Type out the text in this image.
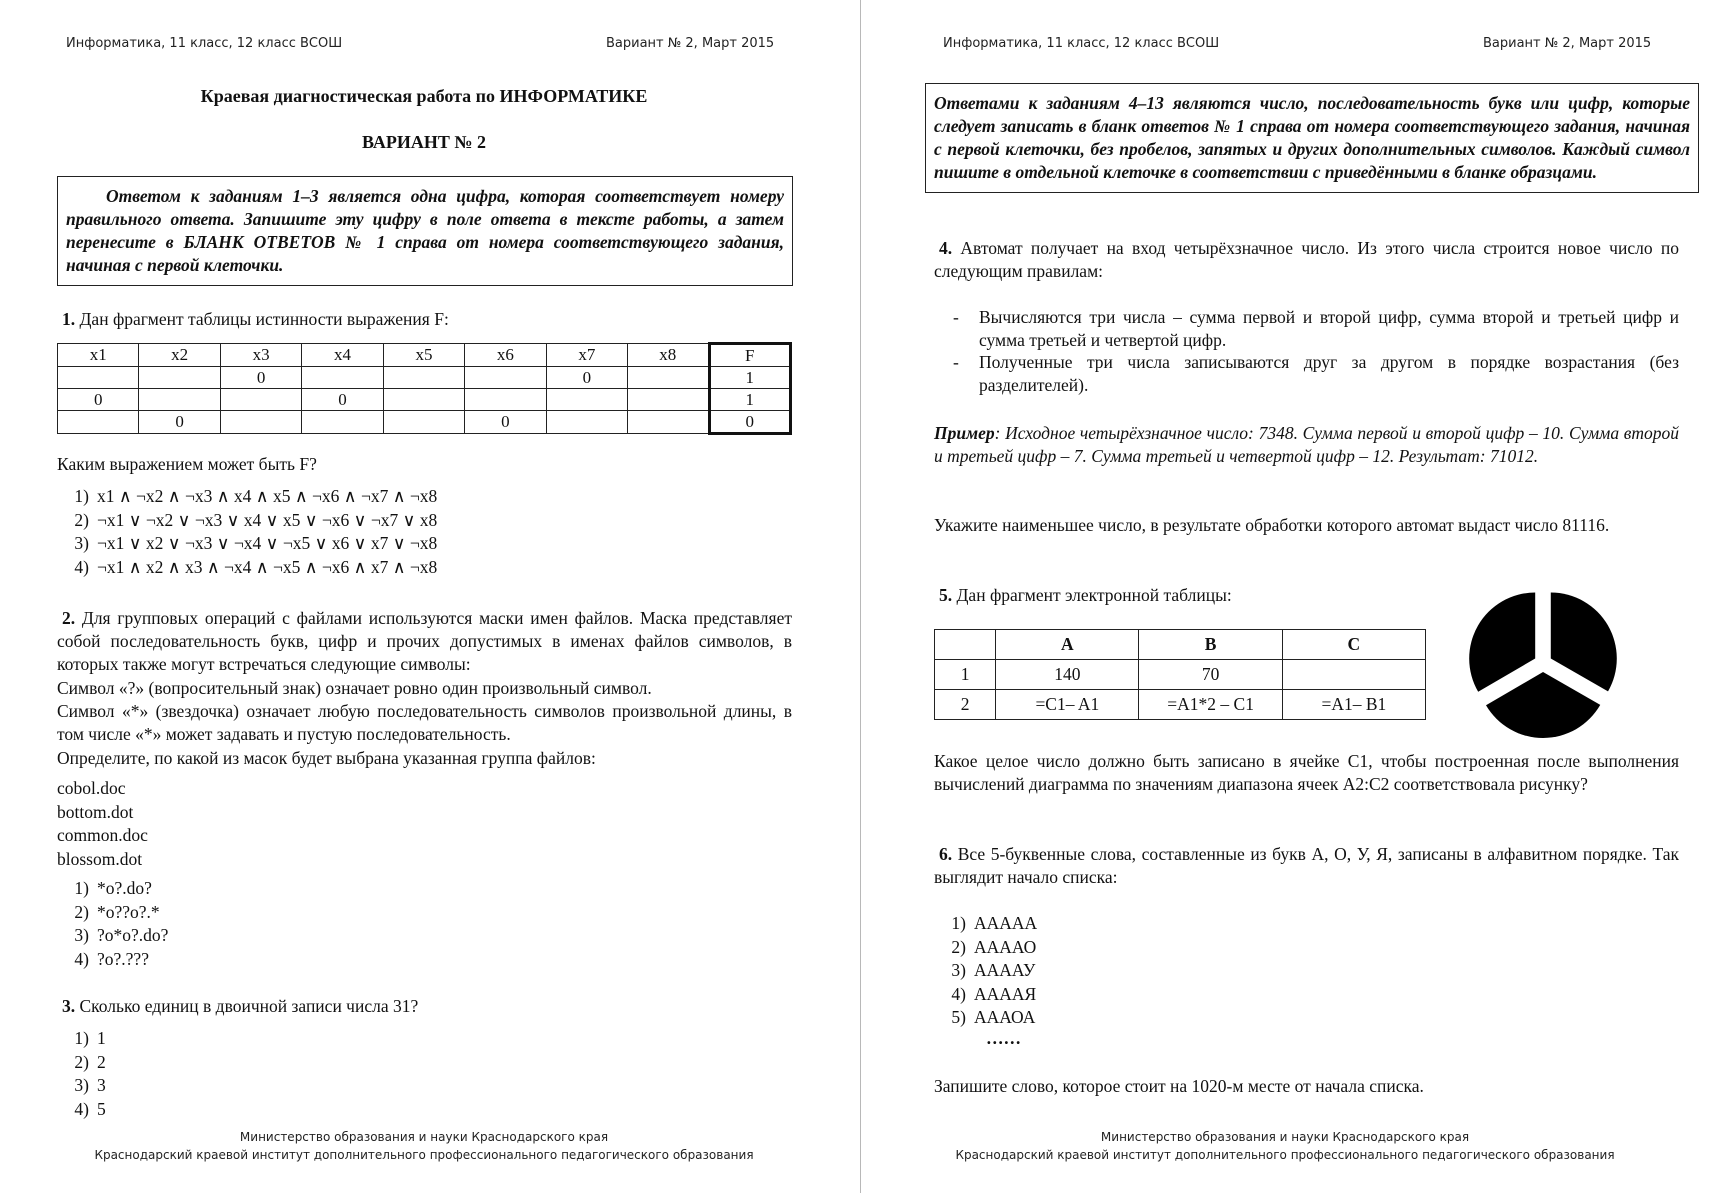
Информатика, 11 класс, 12 класс ВСОШ	Вариант № 2, Март 2015
Краевая диагностическая работа по ИНФОРМАТИКЕ
ВАРИАНТ № 2
Ответом к заданиям 1–3 является одна цифра, которая соответствует номеру правильного ответа. Запишите эту цифру в поле ответа в тексте работы, а затем перенесите в БЛАНК ОТВЕТОВ № 1 справа от номера соответствующего задания, начиная с первой клеточки.
1. Дан фрагмент таблицы истинности выражения F:
x1	x2	x3	x4	x5	x6	x7	x8	F
		0				0		1
0			0					1
	0				0			0
Каким выражением может быть F?
1) x1 ∧ ¬x2 ∧ ¬x3 ∧ x4 ∧ x5 ∧ ¬x6 ∧ ¬x7 ∧ ¬x8
2) ¬x1 ∨ ¬x2 ∨ ¬x3 ∨ x4 ∨ x5 ∨ ¬x6 ∨ ¬x7 ∨ x8
3) ¬x1 ∨ x2 ∨ ¬x3 ∨ ¬x4 ∨ ¬x5 ∨ x6 ∨ x7 ∨ ¬x8
4) ¬x1 ∧ x2 ∧ x3 ∧ ¬x4 ∧ ¬x5 ∧ ¬x6 ∧ x7 ∧ ¬x8
2. Для групповых операций с файлами используются маски имен файлов. Маска представляет собой последовательность букв, цифр и прочих допустимых в именах файлов символов, в которых также могут встречаться следующие символы:
Символ «?» (вопросительный знак) означает ровно один произвольный символ.
Символ «*» (звездочка) означает любую последовательность символов произвольной длины, в том числе «*» может задавать и пустую последовательность.
Определите, по какой из масок будет выбрана указанная группа файлов:
cobol.doc
bottom.dot
common.doc
blossom.dot
1) *o?.do?
2) *o??o?.*
3) ?o*o?.do?
4) ?o?.???
3. Сколько единиц в двоичной записи числа 31?
1) 1
2) 2
3) 3
4) 5
Министерство образования и науки Краснодарского края
Краснодарский краевой институт дополнительного профессионального педагогического образования
Информатика, 11 класс, 12 класс ВСОШ	Вариант № 2, Март 2015
Ответами к заданиям 4–13 являются число, последовательность букв или цифр, которые следует записать в бланк ответов № 1 справа от номера соответствующего задания, начиная с первой клеточки, без пробелов, запятых и других дополнительных символов. Каждый символ пишите в отдельной клеточке в соответствии с приведёнными в бланке образцами.
4. Автомат получает на вход четырёхзначное число. Из этого числа строится новое число по следующим правилам:
-	Вычисляются три числа – сумма первой и второй цифр, сумма второй и третьей цифр и сумма третьей и четвертой цифр.
-	Полученные три числа записываются друг за другом в порядке возрастания (без разделителей).
Пример: Исходное четырёхзначное число: 7348. Сумма первой и второй цифр – 10. Сумма второй и третьей цифр – 7. Сумма третьей и четвертой цифр – 12. Результат: 71012.
Укажите наименьшее число, в результате обработки которого автомат выдаст число 81116.
5. Дан фрагмент электронной таблицы:
	A	B	C
1	140	70	
2	=C1– A1	=A1*2 – C1	=A1– B1
Какое целое число должно быть записано в ячейке C1, чтобы построенная после выполнения вычислений диаграмма по значениям диапазона ячеек A2:C2 соответствовала рисунку?
6. Все 5-буквенные слова, составленные из букв А, О, У, Я, записаны в алфавитном порядке. Так выглядит начало списка:
1) ААААА
2) ААААО
3) ААААУ
4) ААААЯ
5) АААОА
……
Запишите слово, которое стоит на 1020-м месте от начала списка.
Министерство образования и науки Краснодарского края
Краснодарский краевой институт дополнительного профессионального педагогического образования
